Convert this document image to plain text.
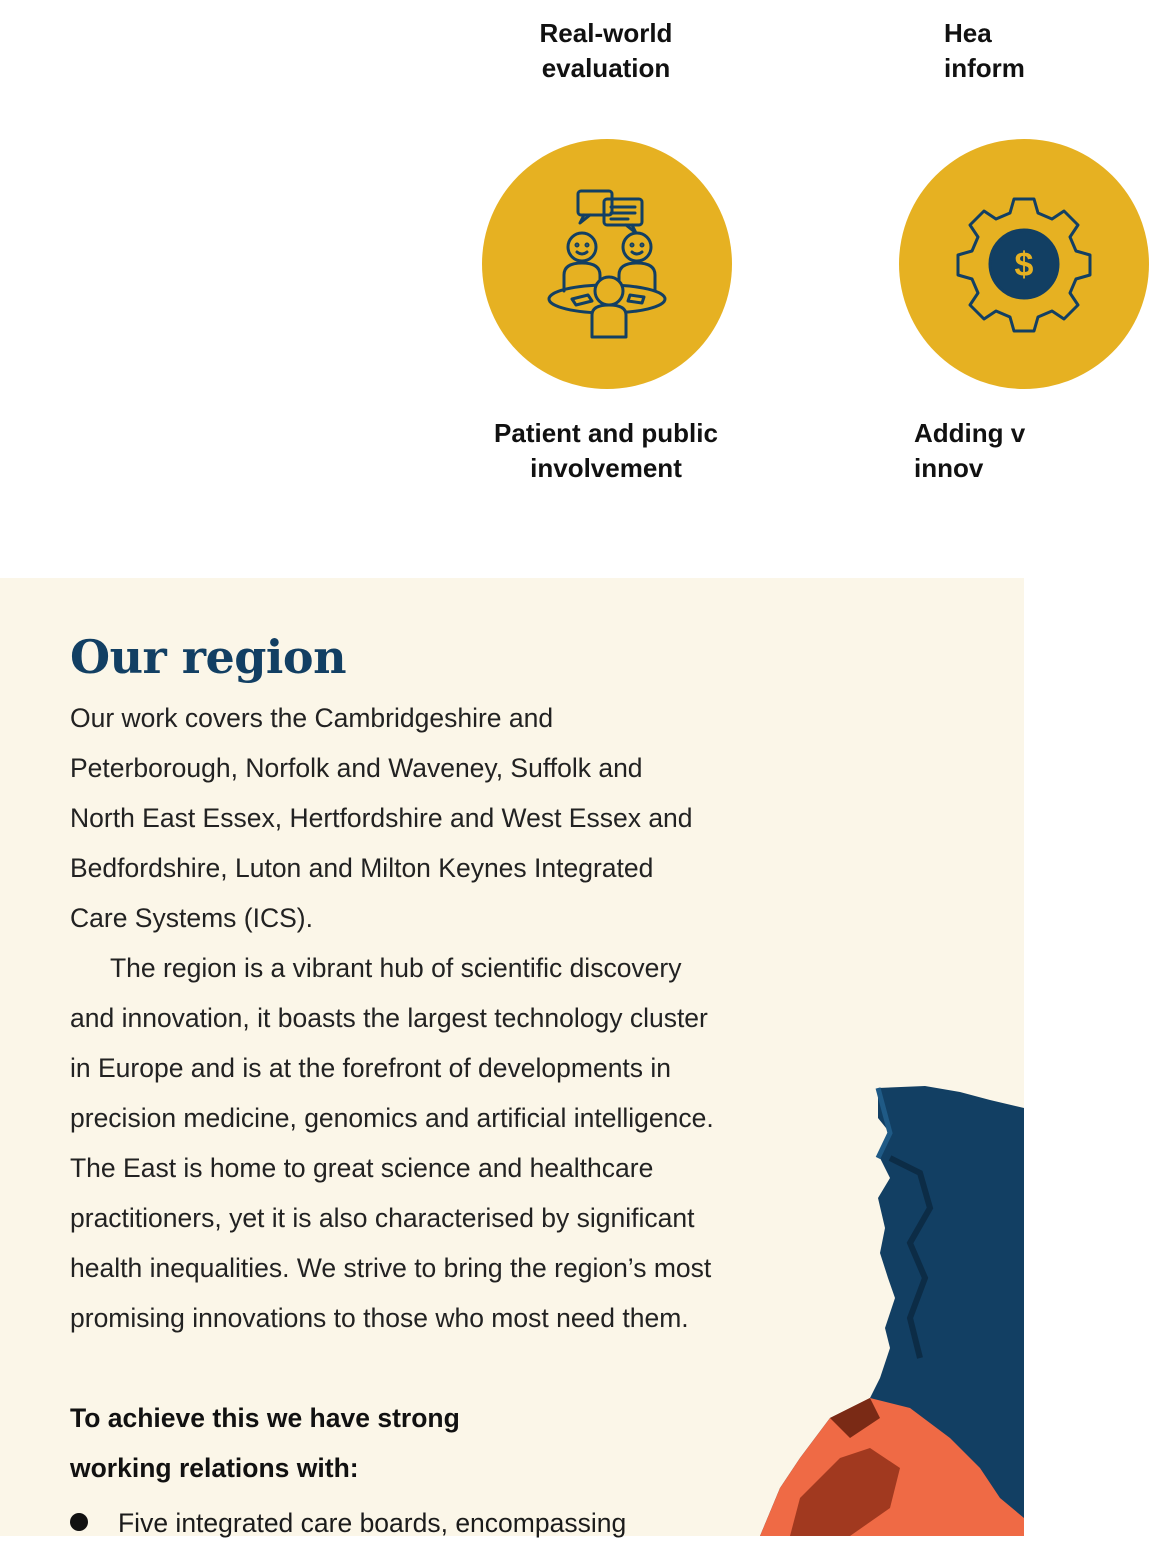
Real-world
evaluation
Hea
inform
$
Patient and public
involvement
Adding v
innov
Our region
Our work covers the Cambridgeshire and
Peterborough, Norfolk and Waveney, Suffolk and
North East Essex, Hertfordshire and West Essex and
Bedfordshire, Luton and Milton Keynes Integrated
Care Systems (ICS).
The region is a vibrant hub of scientific discovery
and innovation, it boasts the largest technology cluster
in Europe and is at the forefront of developments in
precision medicine, genomics and artificial intelligence.
The East is home to great science and healthcare
practitioners, yet it is also characterised by significant
health inequalities. We strive to bring the region’s most
promising innovations to those who most need them.
To achieve this we have strong
working relations with:
Five integrated care boards, encompassing
